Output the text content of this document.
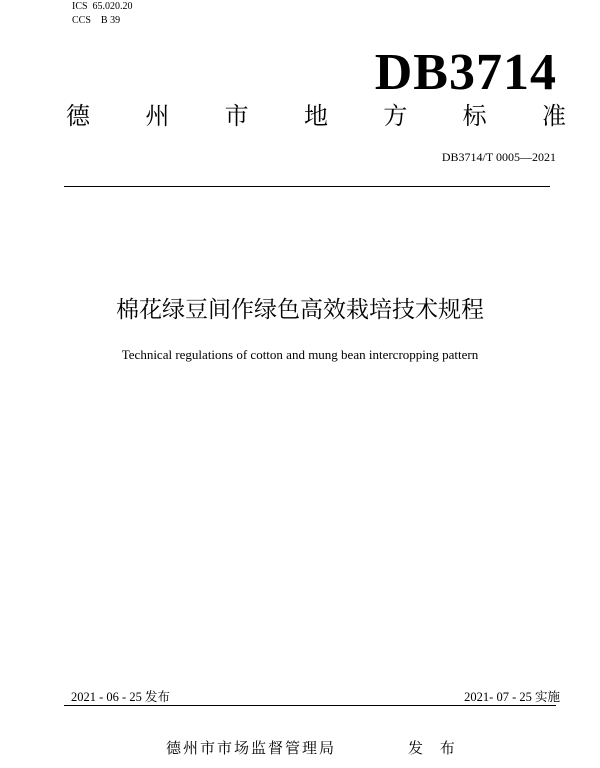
ICS  65.020.20
CCS    B 39
DB3714
德 州 市 地 方 标 准
DB3714/T 0005—2021
棉花绿豆间作绿色高效栽培技术规程
Technical regulations of cotton and mung bean intercropping pattern
2021 - 06 - 25 发布	2021- 07 - 25 实施
德州市市场监督管理局	发 布
